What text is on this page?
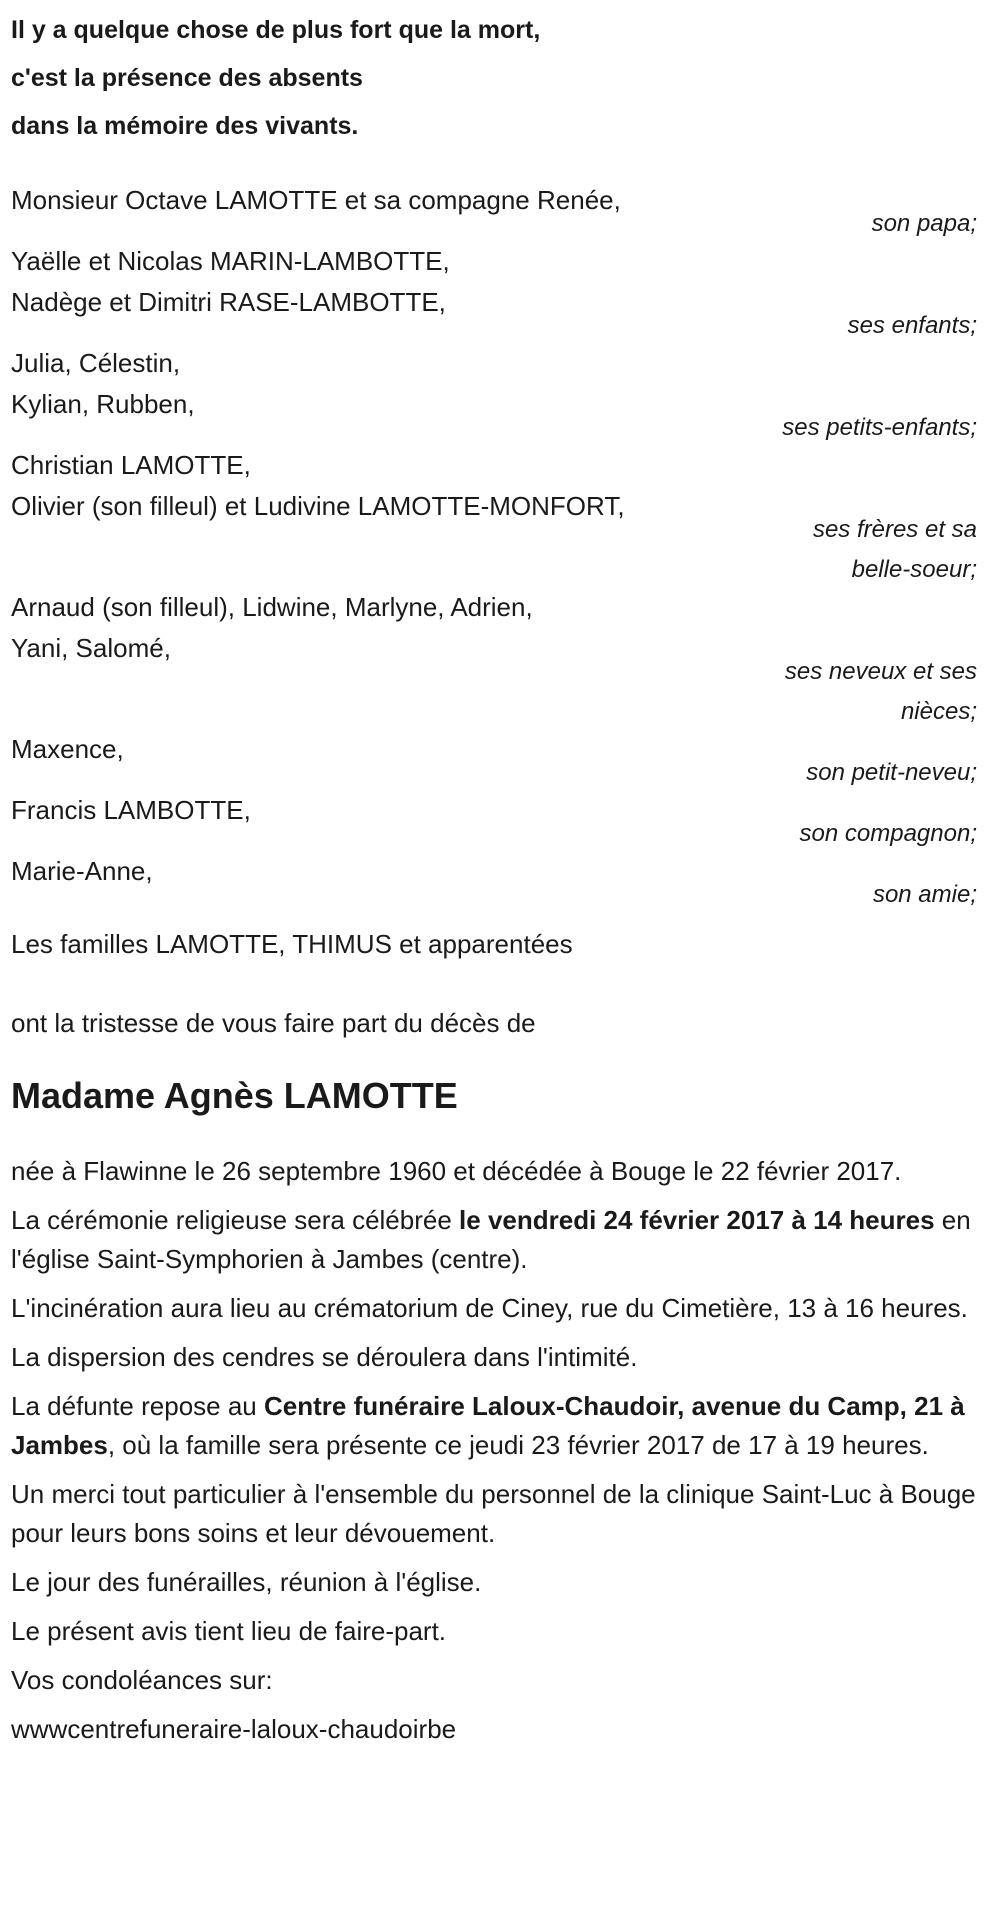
Il y a quelque chose de plus fort que la mort,
c'est la présence des absents
dans la mémoire des vivants.
Monsieur Octave LAMOTTE et sa compagne Renée,
son papa;
Yaëlle et Nicolas MARIN-LAMBOTTE,
Nadège et Dimitri RASE-LAMBOTTE,
ses enfants;
Julia, Célestin,
Kylian, Rubben,
ses petits-enfants;
Christian LAMOTTE,
Olivier (son filleul) et Ludivine LAMOTTE-MONFORT,
ses frères et sa
belle-soeur;
Arnaud (son filleul), Lidwine, Marlyne, Adrien,
Yani, Salomé,
ses neveux et ses
nièces;
Maxence,
son petit-neveu;
Francis LAMBOTTE,
son compagnon;
Marie-Anne,
son amie;
Les familles LAMOTTE, THIMUS et apparentées
ont la tristesse de vous faire part du décès de
Madame Agnès LAMOTTE

née à Flawinne le 26 septembre 1960 et décédée à Bouge le 22 février 2017.

La cérémonie religieuse sera célébrée le vendredi 24 février 2017 à 14 heures en l'église Saint-Symphorien à Jambes (centre).

L'incinération aura lieu au crématorium de Ciney, rue du Cimetière, 13 à 16 heures.

La dispersion des cendres se déroulera dans l'intimité.

La défunte repose au Centre funéraire Laloux-Chaudoir, avenue du Camp, 21 à Jambes, où la famille sera présente ce jeudi 23 février 2017 de 17 à 19 heures.

Un merci tout particulier à l'ensemble du personnel de la clinique Saint-Luc à Bouge pour leurs bons soins et leur dévouement.

Le jour des funérailles, réunion à l'église.

Le présent avis tient lieu de faire-part.

Vos condoléances sur:

wwwcentrefuneraire-laloux-chaudoirbe
